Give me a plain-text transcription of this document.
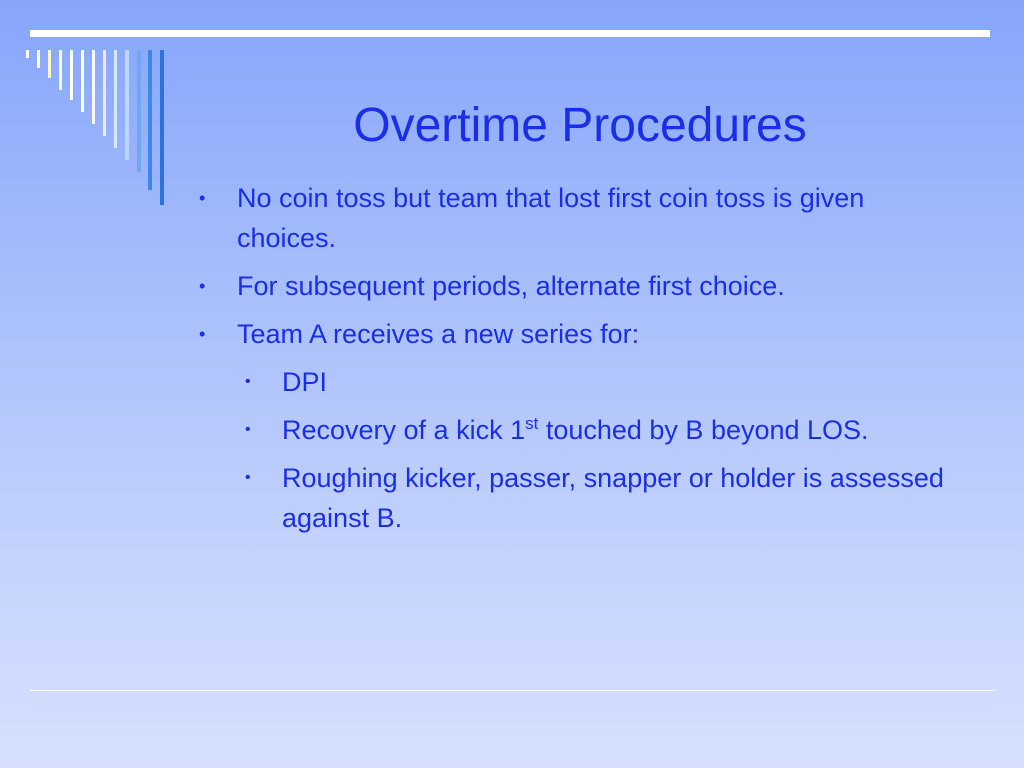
Overtime Procedures
• No coin toss but team that lost first coin toss is given choices.
• For subsequent periods, alternate first choice.
• Team A receives a new series for:
• DPI
• Recovery of a kick 1st touched by B beyond LOS.
• Roughing kicker, passer, snapper or holder is assessed against B.
